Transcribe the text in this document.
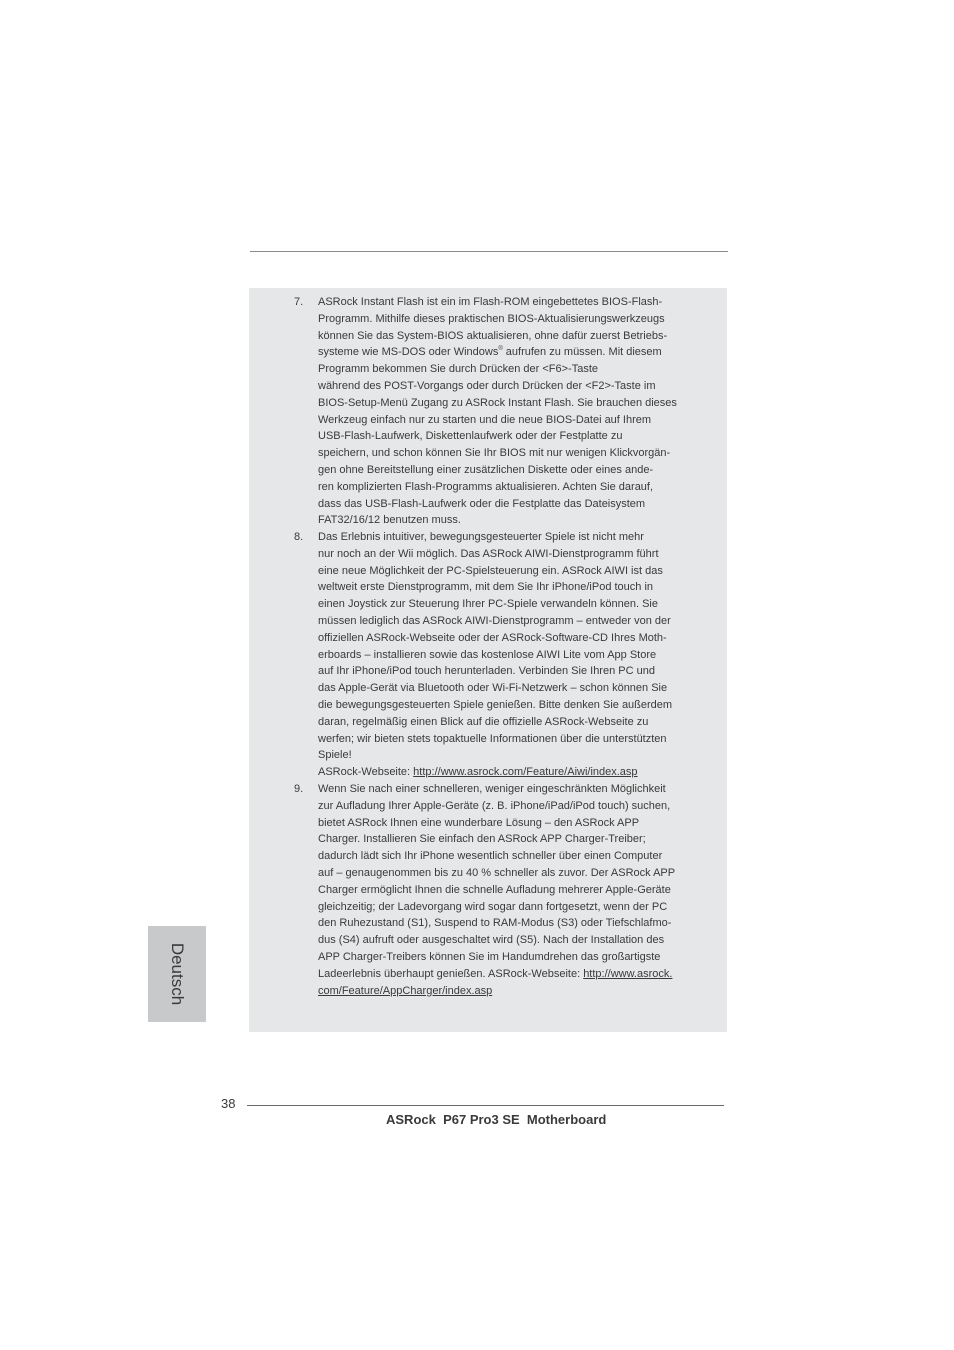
7. ASRock Instant Flash ist ein im Flash-ROM eingebettetes BIOS-Flash-
Programm. Mithilfe dieses praktischen BIOS-Aktualisierungswerkzeugs
können Sie das System-BIOS aktualisieren, ohne dafür zuerst Betriebs-
systeme wie MS-DOS oder Windows® aufrufen zu müssen. Mit diesem
Programm bekommen Sie durch Drücken der <F6>-Taste
während des POST-Vorgangs oder durch Drücken der <F2>-Taste im
BIOS-Setup-Menü Zugang zu ASRock Instant Flash. Sie brauchen dieses
Werkzeug einfach nur zu starten und die neue BIOS-Datei auf Ihrem
USB-Flash-Laufwerk, Diskettenlaufwerk oder der Festplatte zu
speichern, und schon können Sie Ihr BIOS mit nur wenigen Klickvorgän-
gen ohne Bereitstellung einer zusätzlichen Diskette oder eines ande-
ren komplizierten Flash-Programms aktualisieren. Achten Sie darauf,
dass das USB-Flash-Laufwerk oder die Festplatte das Dateisystem
FAT32/16/12 benutzen muss.
8. Das Erlebnis intuitiver, bewegungsgesteuerter Spiele ist nicht mehr
nur noch an der Wii möglich. Das ASRock AIWI-Dienstprogramm führt
eine neue Möglichkeit der PC-Spielsteuerung ein. ASRock AIWI ist das
weltweit erste Dienstprogramm, mit dem Sie Ihr iPhone/iPod touch in
einen Joystick zur Steuerung Ihrer PC-Spiele verwandeln können. Sie
müssen lediglich das ASRock AIWI-Dienstprogramm – entweder von der
offiziellen ASRock-Webseite oder der ASRock-Software-CD Ihres Moth-
erboards – installieren sowie das kostenlose AIWI Lite vom App Store
auf Ihr iPhone/iPod touch herunterladen. Verbinden Sie Ihren PC und
das Apple-Gerät via Bluetooth oder Wi-Fi-Netzwerk – schon können Sie
die bewegungsgesteuerten Spiele genießen. Bitte denken Sie außerdem
daran, regelmäßig einen Blick auf die offizielle ASRock-Webseite zu
werfen; wir bieten stets topaktuelle Informationen über die unterstützten
Spiele!
ASRock-Webseite: http://www.asrock.com/Feature/Aiwi/index.asp
9. Wenn Sie nach einer schnelleren, weniger eingeschränkten Möglichkeit
zur Aufladung Ihrer Apple-Geräte (z. B. iPhone/iPad/iPod touch) suchen,
bietet ASRock Ihnen eine wunderbare Lösung – den ASRock APP
Charger. Installieren Sie einfach den ASRock APP Charger-Treiber;
dadurch lädt sich Ihr iPhone wesentlich schneller über einen Computer
auf – genaugenommen bis zu 40 % schneller als zuvor. Der ASRock APP
Charger ermöglicht Ihnen die schnelle Aufladung mehrerer Apple-Geräte
gleichzeitig; der Ladevorgang wird sogar dann fortgesetzt, wenn der PC
den Ruhezustand (S1), Suspend to RAM-Modus (S3) oder Tiefschlafmo-
dus (S4) aufruft oder ausgeschaltet wird (S5). Nach der Installation des
APP Charger-Treibers können Sie im Handumdrehen das großartigste
Ladeerlebnis überhaupt genießen. ASRock-Webseite: http://www.asrock.
com/Feature/AppCharger/index.asp
Deutsch
38
ASRock  P67 Pro3 SE  Motherboard
